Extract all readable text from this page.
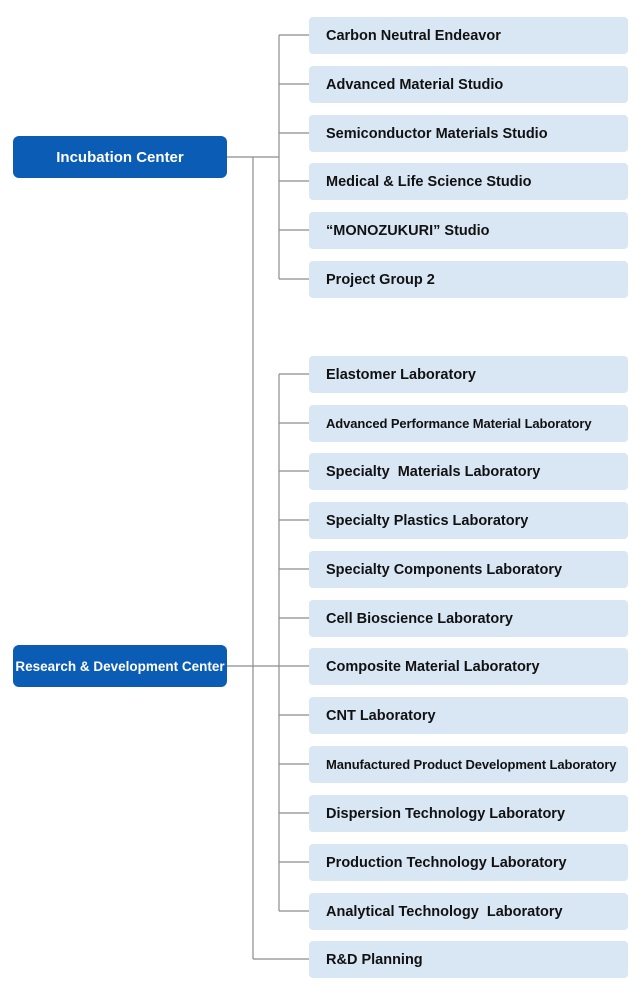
Incubation Center
Research & Development Center
Carbon Neutral Endeavor
Advanced Material Studio
Semiconductor Materials Studio
Medical & Life Science Studio
“MONOZUKURI” Studio
Project Group 2
Elastomer Laboratory
Advanced Performance Material Laboratory
Specialty  Materials Laboratory
Specialty Plastics Laboratory
Specialty Components Laboratory
Cell Bioscience Laboratory
Composite Material Laboratory
CNT Laboratory
Manufactured Product Development Laboratory
Dispersion Technology Laboratory
Production Technology Laboratory
Analytical Technology  Laboratory
R&D Planning
